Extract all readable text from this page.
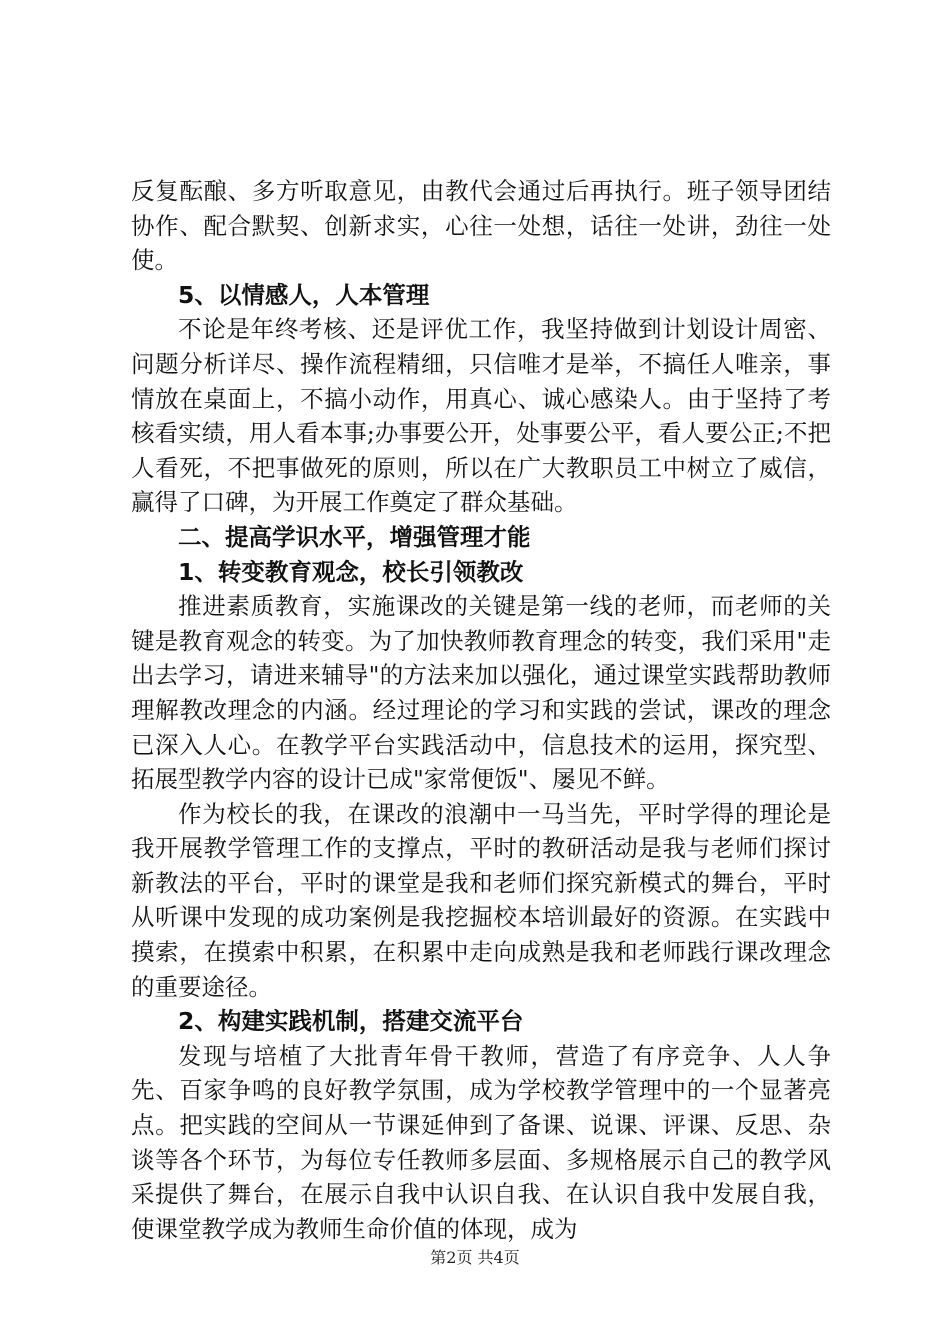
反复酝酿、多方听取意见，由教代会通过后再执行。班子领导团结协作、配合默契、创新求实，心往一处想，话往一处讲，劲往一处使。

5、以情感人，人本管理

不论是年终考核、还是评优工作，我坚持做到计划设计周密、问题分析详尽、操作流程精细，只信唯才是举，不搞任人唯亲，事情放在桌面上，不搞小动作，用真心、诚心感染人。由于坚持了考核看实绩，用人看本事;办事要公开，处事要公平，看人要公正;不把人看死，不把事做死的原则，所以在广大教职员工中树立了威信，赢得了口碑，为开展工作奠定了群众基础。

二、提高学识水平，增强管理才能

1、转变教育观念，校长引领教改

推进素质教育，实施课改的关键是第一线的老师，而老师的关键是教育观念的转变。为了加快教师教育理念的转变，我们采用"走出去学习，请进来辅导"的方法来加以强化，通过课堂实践帮助教师理解教改理念的内涵。经过理论的学习和实践的尝试，课改的理念已深入人心。在教学平台实践活动中，信息技术的运用，探究型、拓展型教学内容的设计已成"家常便饭"、屡见不鲜。

作为校长的我，在课改的浪潮中一马当先，平时学得的理论是我开展教学管理工作的支撑点，平时的教研活动是我与老师们探讨新教法的平台，平时的课堂是我和老师们探究新模式的舞台，平时从听课中发现的成功案例是我挖掘校本培训最好的资源。在实践中摸索，在摸索中积累，在积累中走向成熟是我和老师践行课改理念的重要途径。

2、构建实践机制，搭建交流平台

发现与培植了大批青年骨干教师，营造了有序竞争、人人争先、百家争鸣的良好教学氛围，成为学校教学管理中的一个显著亮点。把实践的空间从一节课延伸到了备课、说课、评课、反思、杂谈等各个环节，为每位专任教师多层面、多规格展示自己的教学风采提供了舞台，在展示自我中认识自我、在认识自我中发展自我，使课堂教学成为教师生命价值的体现，成为

第2页 共4页
